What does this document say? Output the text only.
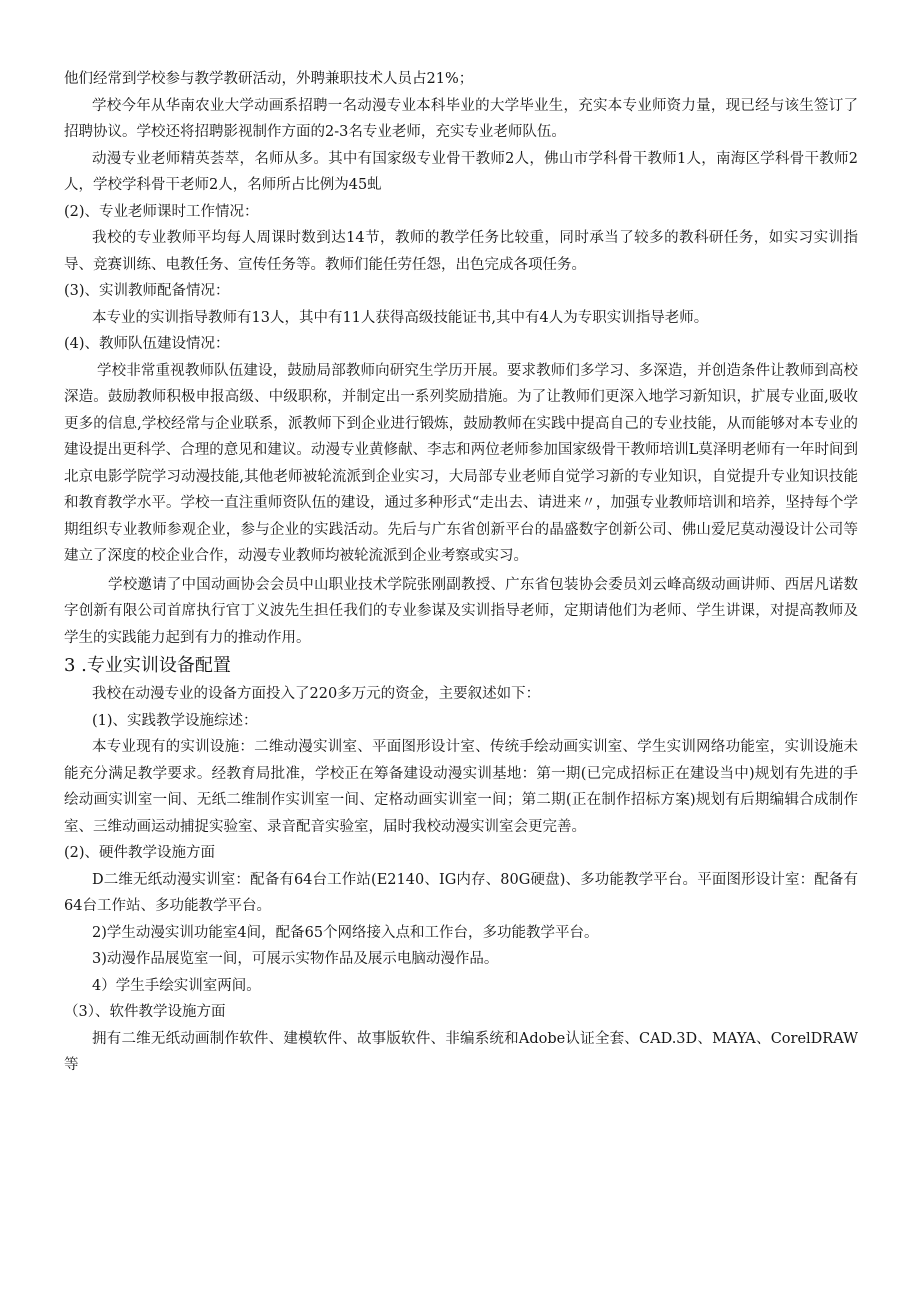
他们经常到学校参与教学教研活动，外聘兼职技术人员占21%；

学校今年从华南农业大学动画系招聘一名动漫专业本科毕业的大学毕业生，充实本专业师资力量，现已经与该生签订了招聘协议。学校还将招聘影视制作方面的2-3名专业老师，充实专业老师队伍。

动漫专业老师精英荟萃，名师从多。其中有国家级专业骨干教师2人，佛山市学科骨干教师1人，南海区学科骨干教师2人，学校学科骨干老师2人，名师所占比例为45虬

(2)、专业老师课时工作情况：

我校的专业教师平均每人周课时数到达14节，教师的教学任务比较重，同时承当了较多的教科研任务，如实习实训指导、竞赛训练、电教任务、宣传任务等。教师们能任劳任怨，出色完成各项任务。

(3)、实训教师配备情况：

本专业的实训指导教师有13人，其中有11人获得高级技能证书,其中有4人为专职实训指导老师。

(4)、教师队伍建设情况：

学校非常重视教师队伍建设，鼓励局部教师向研究生学历开展。要求教师们多学习、多深造，并创造条件让教师到高校深造。鼓励教师积极申报高级、中级职称，并制定出一系列奖励措施。为了让教师们更深入地学习新知识，扩展专业面,吸收更多的信息,学校经常与企业联系，派教师下到企业进行锻炼，鼓励教师在实践中提高自己的专业技能，从而能够对本专业的建设提出更科学、合理的意见和建议。动漫专业黄修献、李志和两位老师参加国家级骨干教师培训L莫泽明老师有一年时间到北京电影学院学习动漫技能,其他老师被轮流派到企业实习，大局部专业老师自觉学习新的专业知识，自觉提升专业知识技能和教育教学水平。学校一直注重师资队伍的建设，通过多种形式“走出去、请进来〃，加强专业教师培训和培养，坚持每个学期组织专业教师参观企业，参与企业的实践活动。先后与广东省创新平台的晶盛数字创新公司、佛山爱尼莫动漫设计公司等建立了深度的校企业合作，动漫专业教师均被轮流派到企业考察或实习。

学校邀请了中国动画协会会员中山职业技术学院张刚副教授、广东省包装协会委员刘云峰高级动画讲师、西居凡诺数字创新有限公司首席执行官丁义波先生担任我们的专业参谋及实训指导老师，定期请他们为老师、学生讲课，对提高教师及学生的实践能力起到有力的推动作用。

3 .专业实训设备配置

我校在动漫专业的设备方面投入了220多万元的资金，主要叙述如下：

(1)、实践教学设施综述：

本专业现有的实训设施：二维动漫实训室、平面图形设计室、传统手绘动画实训室、学生实训网络功能室，实训设施未能充分满足教学要求。经教育局批准，学校正在筹备建设动漫实训基地：第一期(已完成招标正在建设当中)规划有先进的手绘动画实训室一间、无纸二维制作实训室一间、定格动画实训室一间；第二期(正在制作招标方案)规划有后期编辑合成制作室、三维动画运动捕捉实验室、录音配音实验室，届时我校动漫实训室会更完善。

(2)、硬件教学设施方面

D二维无纸动漫实训室：配备有64台工作站(E2140、IG内存、80G硬盘)、多功能教学平台。平面图形设计室：配备有64台工作站、多功能教学平台。

2)学生动漫实训功能室4间，配备65个网络接入点和工作台，多功能教学平台。

3)动漫作品展览室一间，可展示实物作品及展示电脑动漫作品。

4）学生手绘实训室两间。

（3）、软件教学设施方面

拥有二维无纸动画制作软件、建模软件、故事版软件、非编系统和Adobe认证全套、CAD.3D、MAYA、CorelDRAW等
